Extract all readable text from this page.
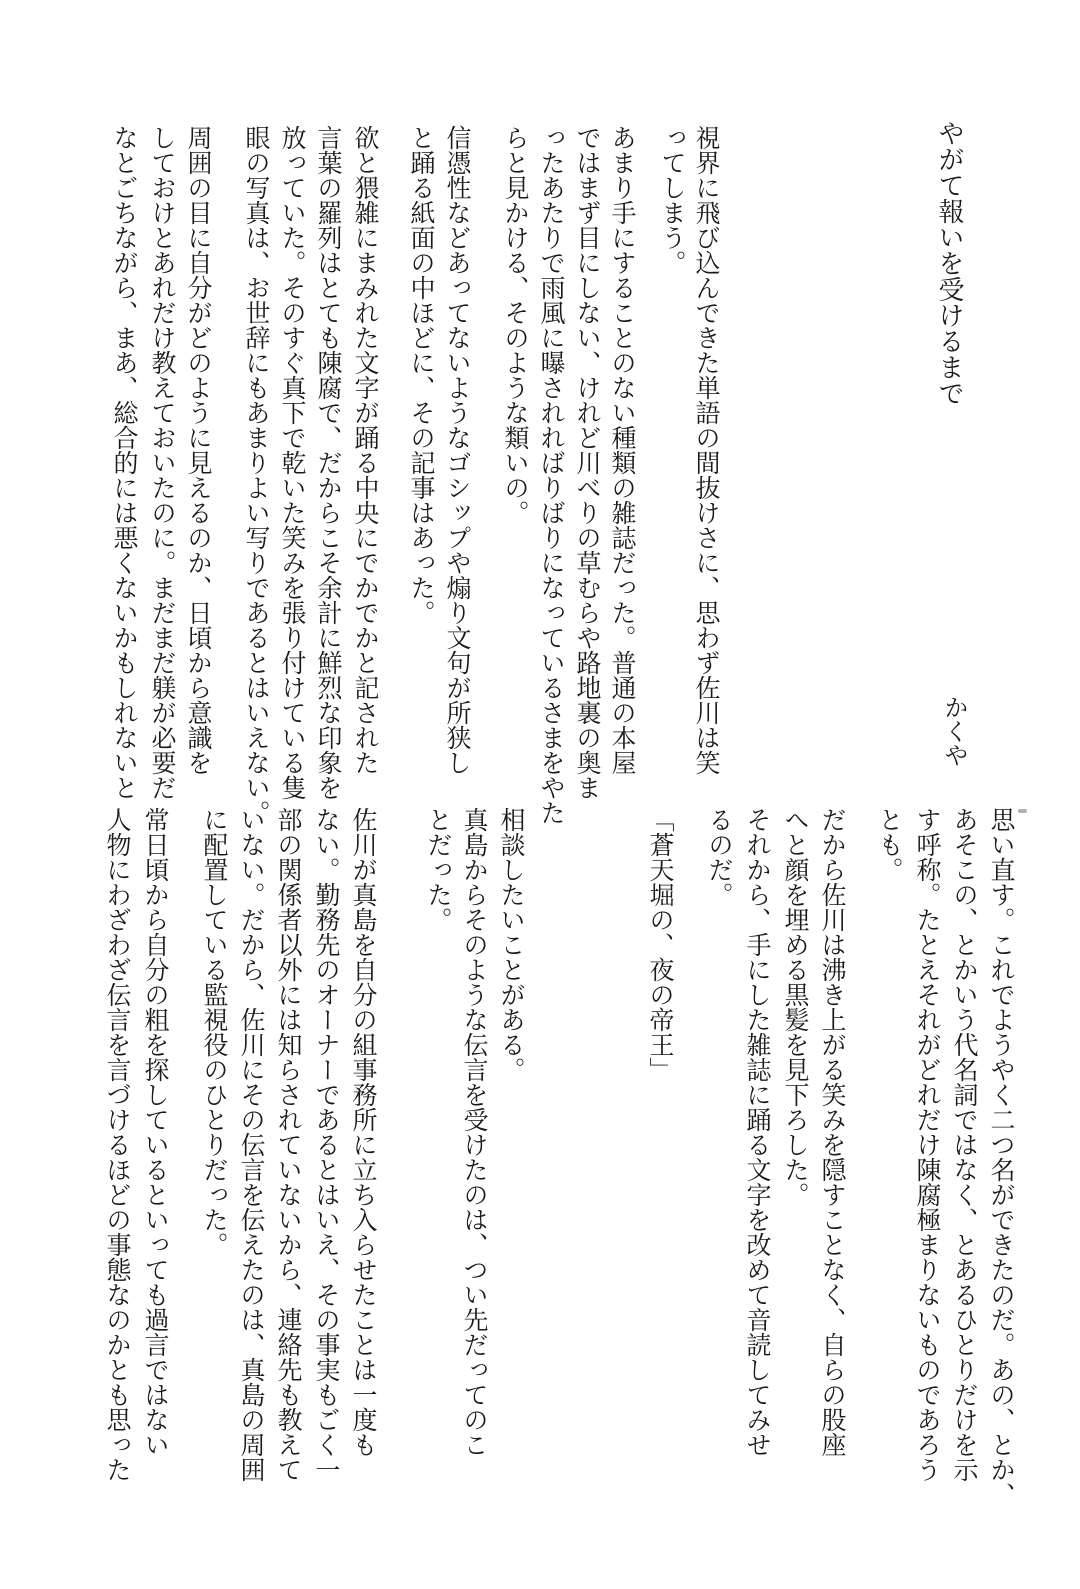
やがて報いを受けるまで
かくや
視界に飛び込んできた単語の間抜けさに、思わず佐川は笑
ってしまう。
あまり手にすることのない種類の雑誌だった。普通の本屋
ではまず目にしない、けれど川べりの草むらや路地裏の奥ま
ったあたりで雨風に曝されればりばりになっているさまをやた
らと見かける、そのような類いの。
信憑性などあってないようなゴシップや煽り文句が所狭し
と踊る紙面の中ほどに、その記事はあった。
欲と猥雑にまみれた文字が踊る中央にでかでかと記された
言葉の羅列はとても陳腐で、だからこそ余計に鮮烈な印象を
放っていた。そのすぐ真下で乾いた笑みを張り付けている隻
眼の写真は、お世辞にもあまりよい写りであるとはいえない。
周囲の目に自分がどのように見えるのか、日頃から意識を
しておけとあれだけ教えておいたのに。まだまだ躾が必要だ
なとごちながら、まあ、総合的には悪くないかもしれないと
思い直す。これでようやく二つ名ができたのだ。あの、とか、
あそこの、とかいう代名詞ではなく、とあるひとりだけを示
す呼称。たとえそれがどれだけ陳腐極まりないものであろう
とも。
だから佐川は沸き上がる笑みを隠すことなく、自らの股座
へと顔を埋める黒髪を見下ろした。
それから、手にした雑誌に踊る文字を改めて音読してみせ
るのだ。
「蒼天堀の、夜の帝王」
相談したいことがある。
真島からそのような伝言を受けたのは、つい先だってのこ
とだった。
佐川が真島を自分の組事務所に立ち入らせたことは一度も
ない。勤務先のオーナーであるとはいえ、その事実もごく一
部の関係者以外には知らされていないから、連絡先も教えて
いない。だから、佐川にその伝言を伝えたのは、真島の周囲
に配置している監視役のひとりだった。
常日頃から自分の粗を探しているといっても過言ではない
人物にわざわざ伝言を言づけるほどの事態なのかとも思った
